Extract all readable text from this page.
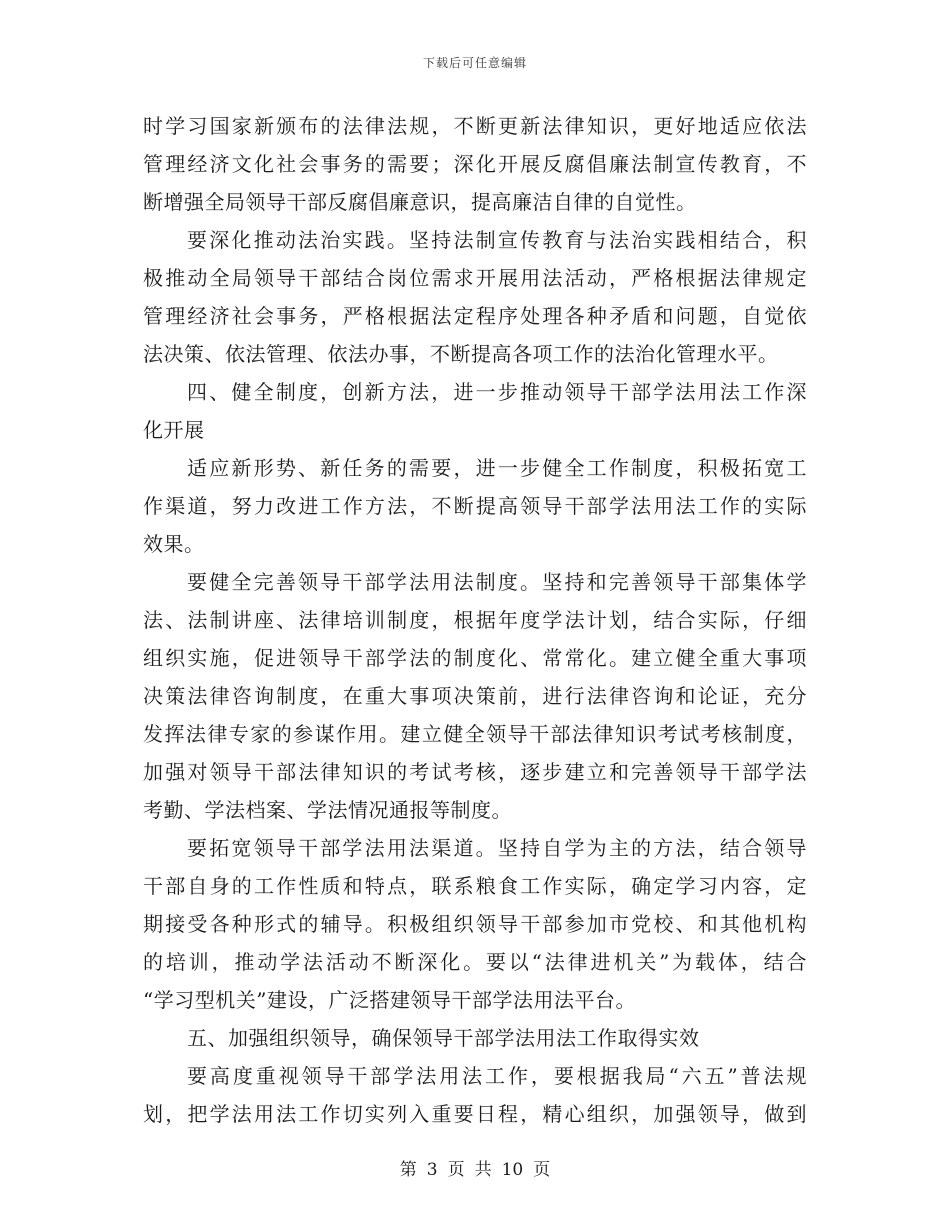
下载后可任意编辑
时学习国家新颁布的法律法规，不断更新法律知识，更好地适应依法
管理经济文化社会事务的需要；深化开展反腐倡廉法制宣传教育，不
断增强全局领导干部反腐倡廉意识，提高廉洁自律的自觉性。
要深化推动法治实践。坚持法制宣传教育与法治实践相结合，积
极推动全局领导干部结合岗位需求开展用法活动，严格根据法律规定
管理经济社会事务，严格根据法定程序处理各种矛盾和问题，自觉依
法决策、依法管理、依法办事，不断提高各项工作的法治化管理水平。
四、健全制度，创新方法，进一步推动领导干部学法用法工作深
化开展
适应新形势、新任务的需要，进一步健全工作制度，积极拓宽工
作渠道，努力改进工作方法，不断提高领导干部学法用法工作的实际
效果。
要健全完善领导干部学法用法制度。坚持和完善领导干部集体学
法、法制讲座、法律培训制度，根据年度学法计划，结合实际，仔细
组织实施，促进领导干部学法的制度化、常常化。建立健全重大事项
决策法律咨询制度，在重大事项决策前，进行法律咨询和论证，充分
发挥法律专家的参谋作用。建立健全领导干部法律知识考试考核制度，
加强对领导干部法律知识的考试考核，逐步建立和完善领导干部学法
考勤、学法档案、学法情况通报等制度。
要拓宽领导干部学法用法渠道。坚持自学为主的方法，结合领导
干部自身的工作性质和特点，联系粮食工作实际，确定学习内容，定
期接受各种形式的辅导。积极组织领导干部参加市党校、和其他机构
的培训，推动学法活动不断深化。要以“法律进机关”为载体，结合
“学习型机关”建设，广泛搭建领导干部学法用法平台。
五、加强组织领导，确保领导干部学法用法工作取得实效
要高度重视领导干部学法用法工作，要根据我局“六五”普法规
划，把学法用法工作切实列入重要日程，精心组织，加强领导，做到
第 3 页 共 10 页
